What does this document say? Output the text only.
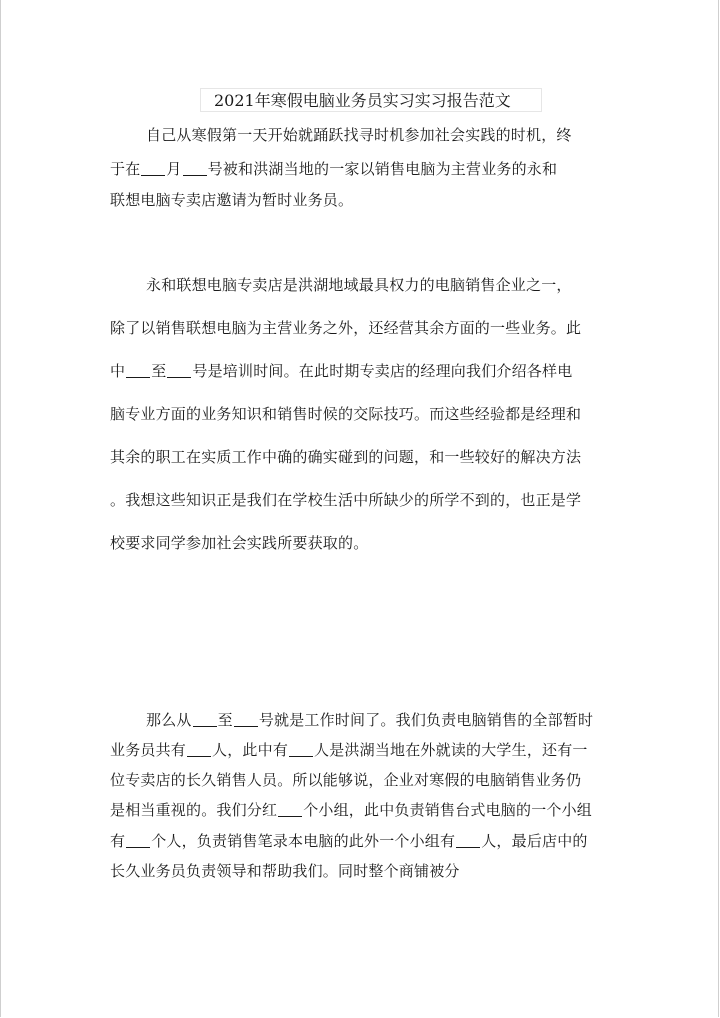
2021年寒假电脑业务员实习实习报告范文
自己从寒假第一天开始就踊跃找寻时机参加社会实践的时机，终
于在 月 号被和洪湖当地的一家以销售电脑为主营业务的永和
联想电脑专卖店邀请为暂时业务员。
永和联想电脑专卖店是洪湖地域最具权力的电脑销售企业之一，
除了以销售联想电脑为主营业务之外，还经营其余方面的一些业务。此
中 至 号是培训时间。在此时期专卖店的经理向我们介绍各样电
脑专业方面的业务知识和销售时候的交际技巧。而这些经验都是经理和
其余的职工在实质工作中确的确实碰到的问题，和一些较好的解决方法
。我想这些知识正是我们在学校生活中所缺少的所学不到的，也正是学
校要求同学参加社会实践所要获取的。
那么从 至 号就是工作时间了。我们负责电脑销售的全部暂时
业务员共有 人，此中有 人是洪湖当地在外就读的大学生，还有一
位专卖店的长久销售人员。所以能够说，企业对寒假的电脑销售业务仍
是相当重视的。我们分红 个小组，此中负责销售台式电脑的一个小组
有 个人，负责销售笔录本电脑的此外一个小组有 人，最后店中的
长久业务员负责领导和帮助我们。同时整个商铺被分
